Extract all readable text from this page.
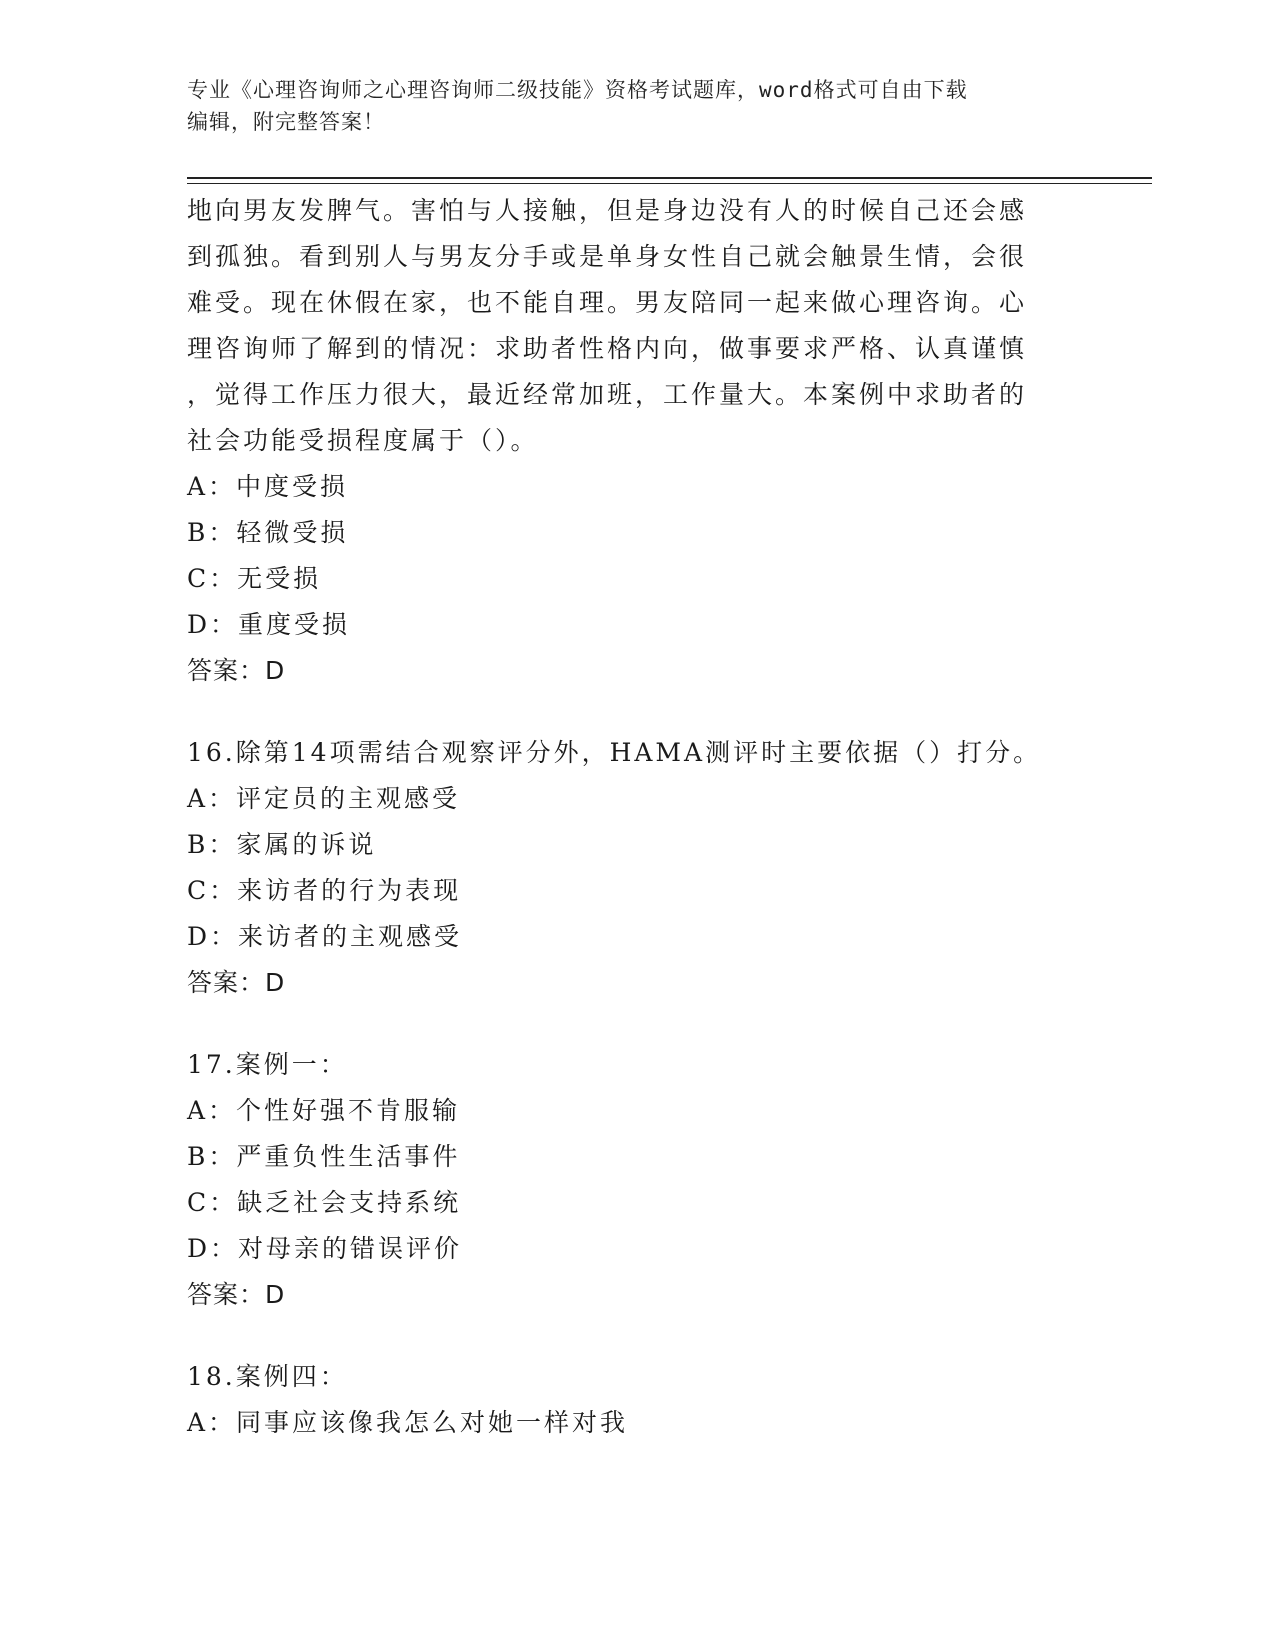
专业《心理咨询师之心理咨询师二级技能》资格考试题库，word格式可自由下载
编辑，附完整答案！
地向男友发脾气。害怕与人接触，但是身边没有人的时候自己还会感
到孤独。看到别人与男友分手或是单身女性自己就会触景生情，会很
难受。现在休假在家，也不能自理。男友陪同一起来做心理咨询。心
理咨询师了解到的情况：求助者性格内向，做事要求严格、认真谨慎
，觉得工作压力很大，最近经常加班，工作量大。本案例中求助者的
社会功能受损程度属于（）。
A：中度受损
B：轻微受损
C：无受损
D：重度受损
答案：D
16.除第14项需结合观察评分外，HAMA测评时主要依据（）打分。
A：评定员的主观感受
B：家属的诉说
C：来访者的行为表现
D：来访者的主观感受
答案：D
17.案例一：
A：个性好强不肯服输
B：严重负性生活事件
C：缺乏社会支持系统
D：对母亲的错误评价
答案：D
18.案例四：
A：同事应该像我怎么对她一样对我
